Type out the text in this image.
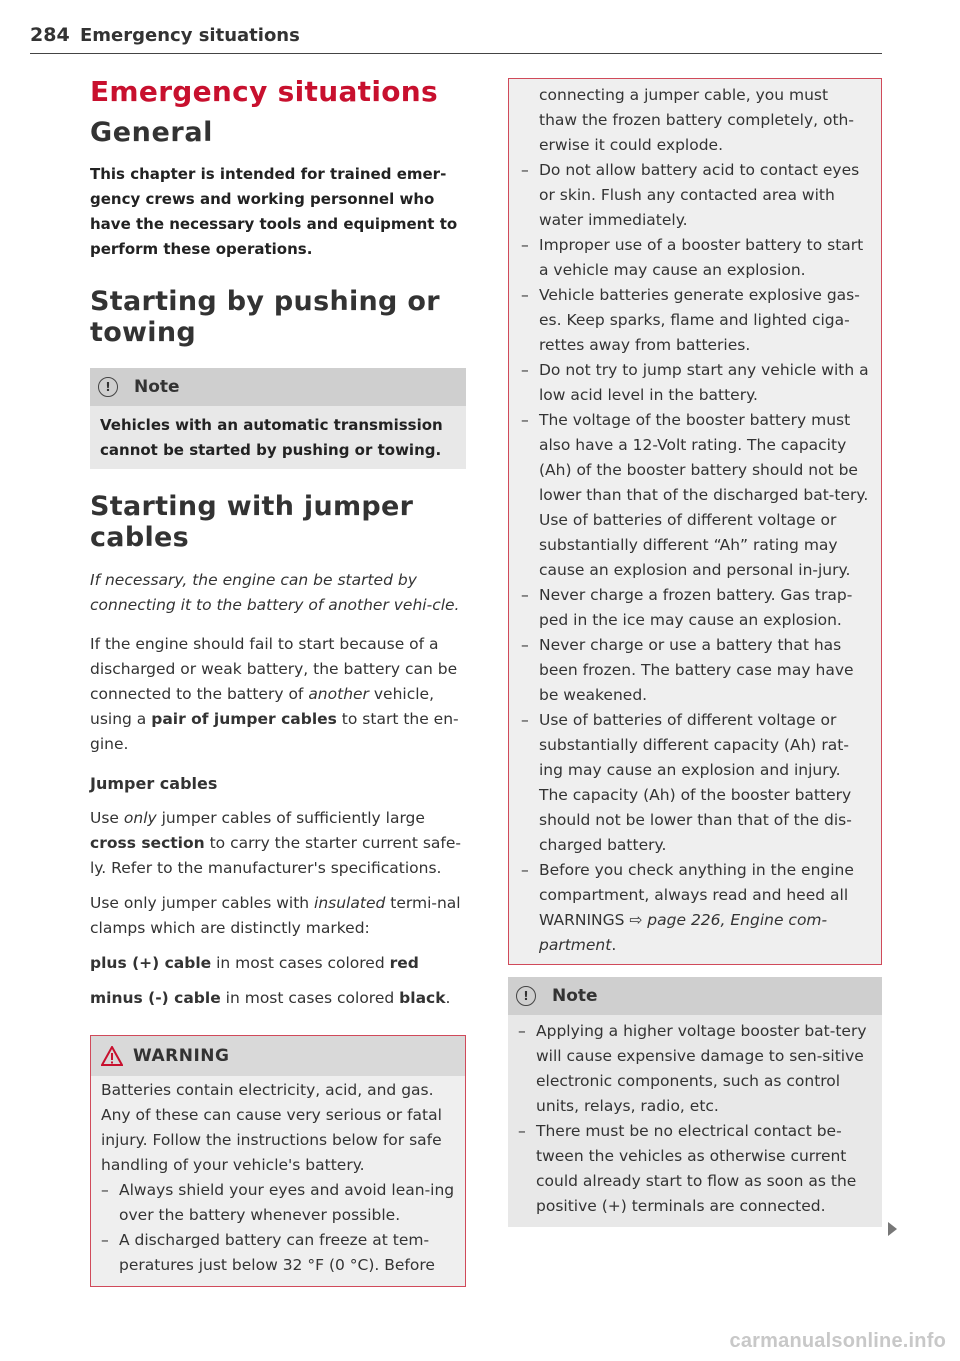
284 Emergency situations
Emergency situations
General
This chapter is intended for trained emer-gency crews and working personnel who have the necessary tools and equipment to perform these operations.
Starting by pushing or towing
!	Note
Vehicles with an automatic transmission cannot be started by pushing or towing.
Starting with jumper cables
If necessary, the engine can be started by connecting it to the battery of another vehi-cle.
If the engine should fail to start because of a discharged or weak battery, the battery can be connected to the battery of another vehicle, using a pair of jumper cables to start the en-gine.
Jumper cables
Use only jumper cables of sufficiently large cross section to carry the starter current safe-ly. Refer to the manufacturer's specifications.
Use only jumper cables with insulated termi-nal clamps which are distinctly marked:
plus (+) cable in most cases colored red
minus (-) cable in most cases colored black.
WARNING
Batteries contain electricity, acid, and gas. Any of these can cause very serious or fatal injury. Follow the instructions below for safe handling of your vehicle's battery.
– Always shield your eyes and avoid lean-ing over the battery whenever possible.
– A discharged battery can freeze at tem-peratures just below 32 °F (0 °C). Before
connecting a jumper cable, you must thaw the frozen battery completely, oth-erwise it could explode.
– Do not allow battery acid to contact eyes or skin. Flush any contacted area with water immediately.
– Improper use of a booster battery to start a vehicle may cause an explosion.
– Vehicle batteries generate explosive gas-es. Keep sparks, flame and lighted ciga-rettes away from batteries.
– Do not try to jump start any vehicle with a low acid level in the battery.
– The voltage of the booster battery must also have a 12-Volt rating. The capacity (Ah) of the booster battery should not be lower than that of the discharged bat-tery. Use of batteries of different voltage or substantially different “Ah” rating may cause an explosion and personal in-jury.
– Never charge a frozen battery. Gas trap-ped in the ice may cause an explosion.
– Never charge or use a battery that has been frozen. The battery case may have be weakened.
– Use of batteries of different voltage or substantially different capacity (Ah) rat-ing may cause an explosion and injury. The capacity (Ah) of the booster battery should not be lower than that of the dis-charged battery.
– Before you check anything in the engine compartment, always read and heed all WARNINGS ⇨ page 226, Engine com-partment.
!	Note
– Applying a higher voltage booster bat-tery will cause expensive damage to sen-sitive electronic components, such as control units, relays, radio, etc.
– There must be no electrical contact be-tween the vehicles as otherwise current could already start to flow as soon as the positive (+) terminals are connected.
carmanualsonline.info
